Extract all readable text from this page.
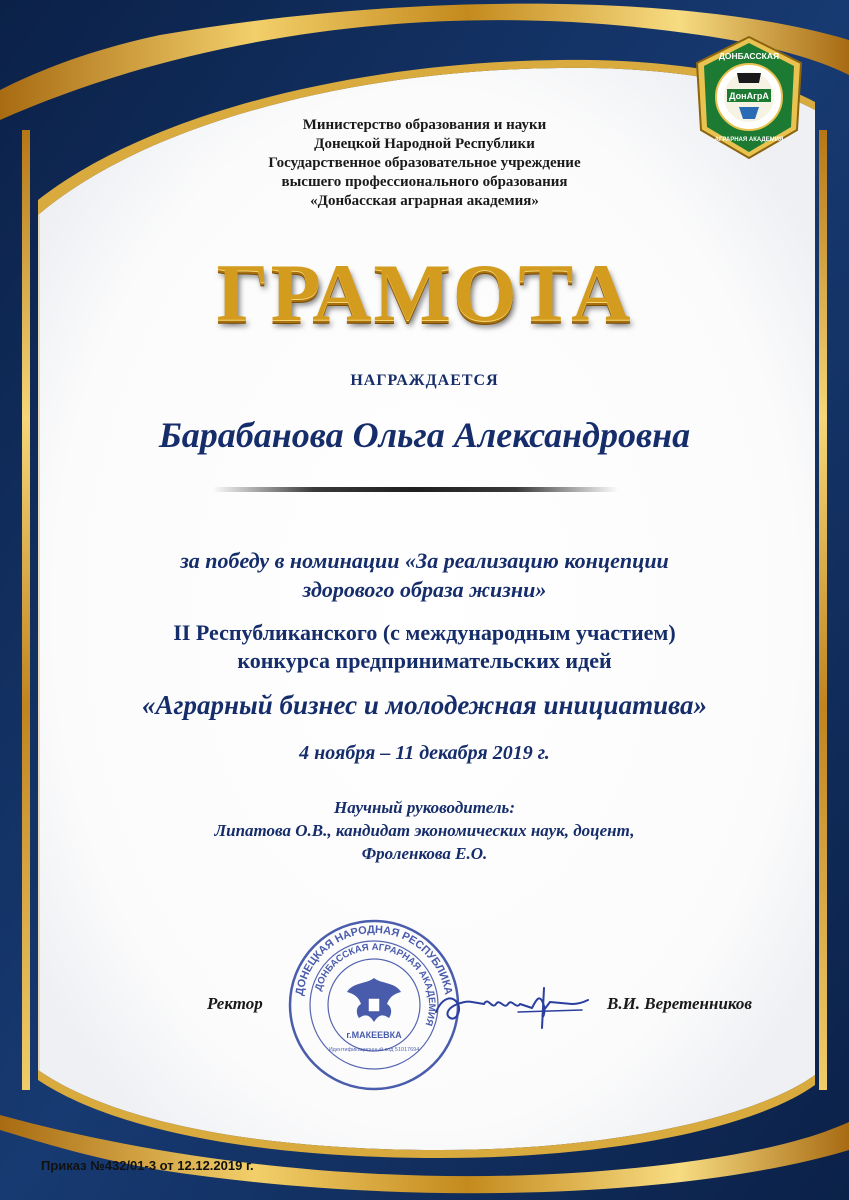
ДонАгрА
ДОНБАССКАЯ
АГРАРНАЯ АКАДЕМИЯ
Министерство образования и науки
Донецкой Народной Республики
Государственное образовательное учреждение
высшего профессионального образования
«Донбасская аграрная академия»
ГРАМОТА
НАГРАЖДАЕТСЯ
Барабанова Ольга Александровна
за победу в номинации «За реализацию концепции
здорового образа жизни»
II Республиканского (с международным участием)
конкурса предпринимательских идей
«Аграрный бизнес и молодежная инициатива»
4 ноября – 11 декабря 2019 г.
Научный руководитель:
Липатова О.В., кандидат экономических наук, доцент,
Фроленкова Е.О.
ДОНЕЦКАЯ НАРОДНАЯ РЕСПУБЛИКА
ДОНБАССКАЯ АГРАРНАЯ АКАДЕМИЯ
г.МАКЕЕВКА
Идентификационный код 51017694
Ректор	В.И. Веретенников
Приказ №432/01-3 от 12.12.2019 г.
